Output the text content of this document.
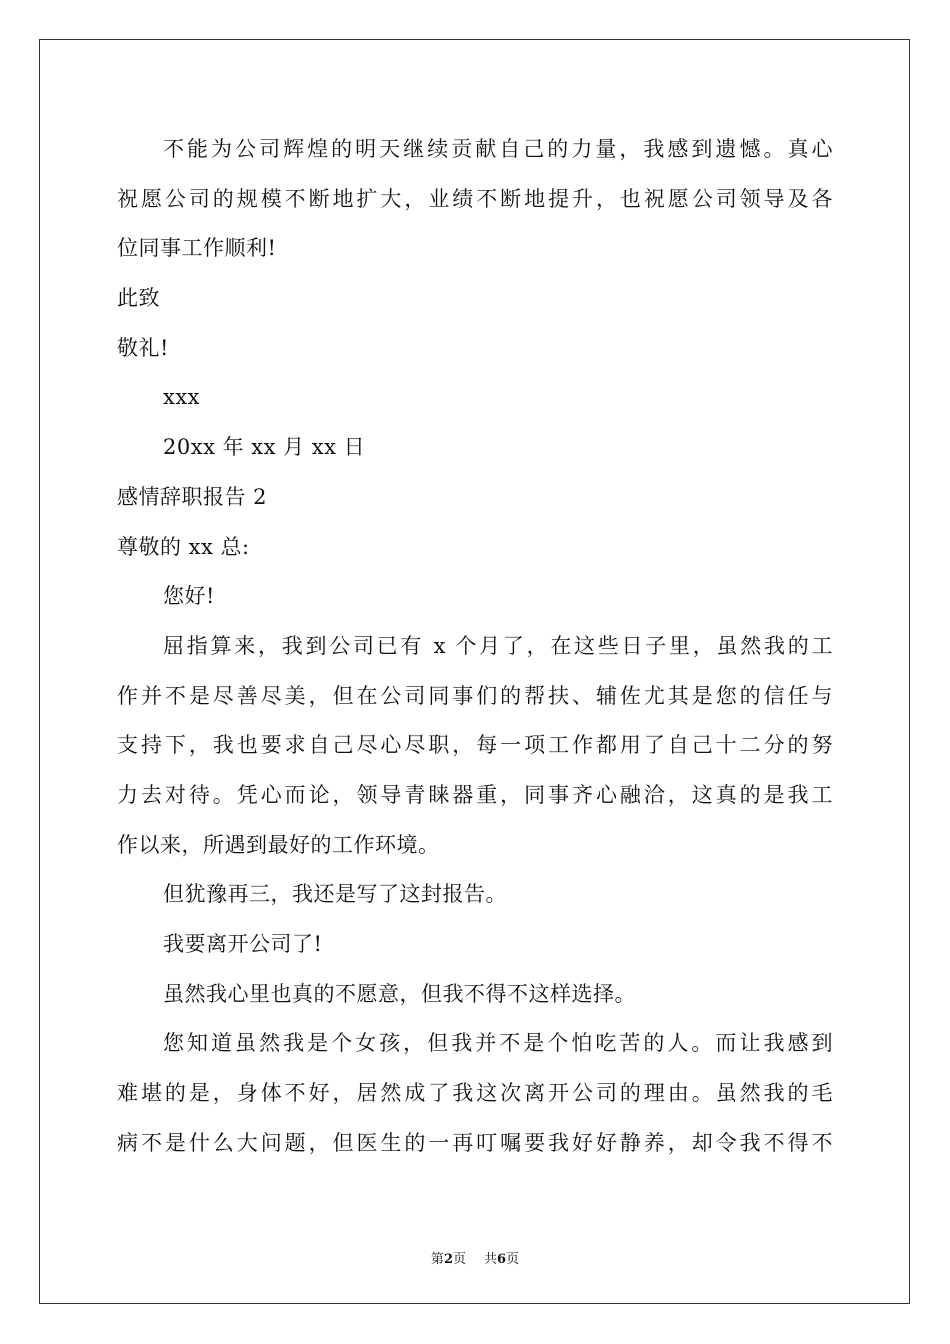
不能为公司辉煌的明天继续贡献自己的力量，我感到遗憾。真心
祝愿公司的规模不断地扩大，业绩不断地提升，也祝愿公司领导及各
位同事工作顺利!
此致
敬礼!
xxx
20xx 年 xx 月 xx 日
感情辞职报告 2
尊敬的 xx 总:
您好!
屈指算来，我到公司已有 x 个月了，在这些日子里，虽然我的工
作并不是尽善尽美，但在公司同事们的帮扶、辅佐尤其是您的信任与
支持下，我也要求自己尽心尽职，每一项工作都用了自己十二分的努
力去对待。凭心而论，领导青睐器重，同事齐心融洽，这真的是我工
作以来，所遇到最好的工作环境。
但犹豫再三，我还是写了这封报告。
我要离开公司了!
虽然我心里也真的不愿意，但我不得不这样选择。
您知道虽然我是个女孩，但我并不是个怕吃苦的人。而让我感到
难堪的是，身体不好，居然成了我这次离开公司的理由。虽然我的毛
病不是什么大问题，但医生的一再叮嘱要我好好静养，却令我不得不
第2页 共6页
